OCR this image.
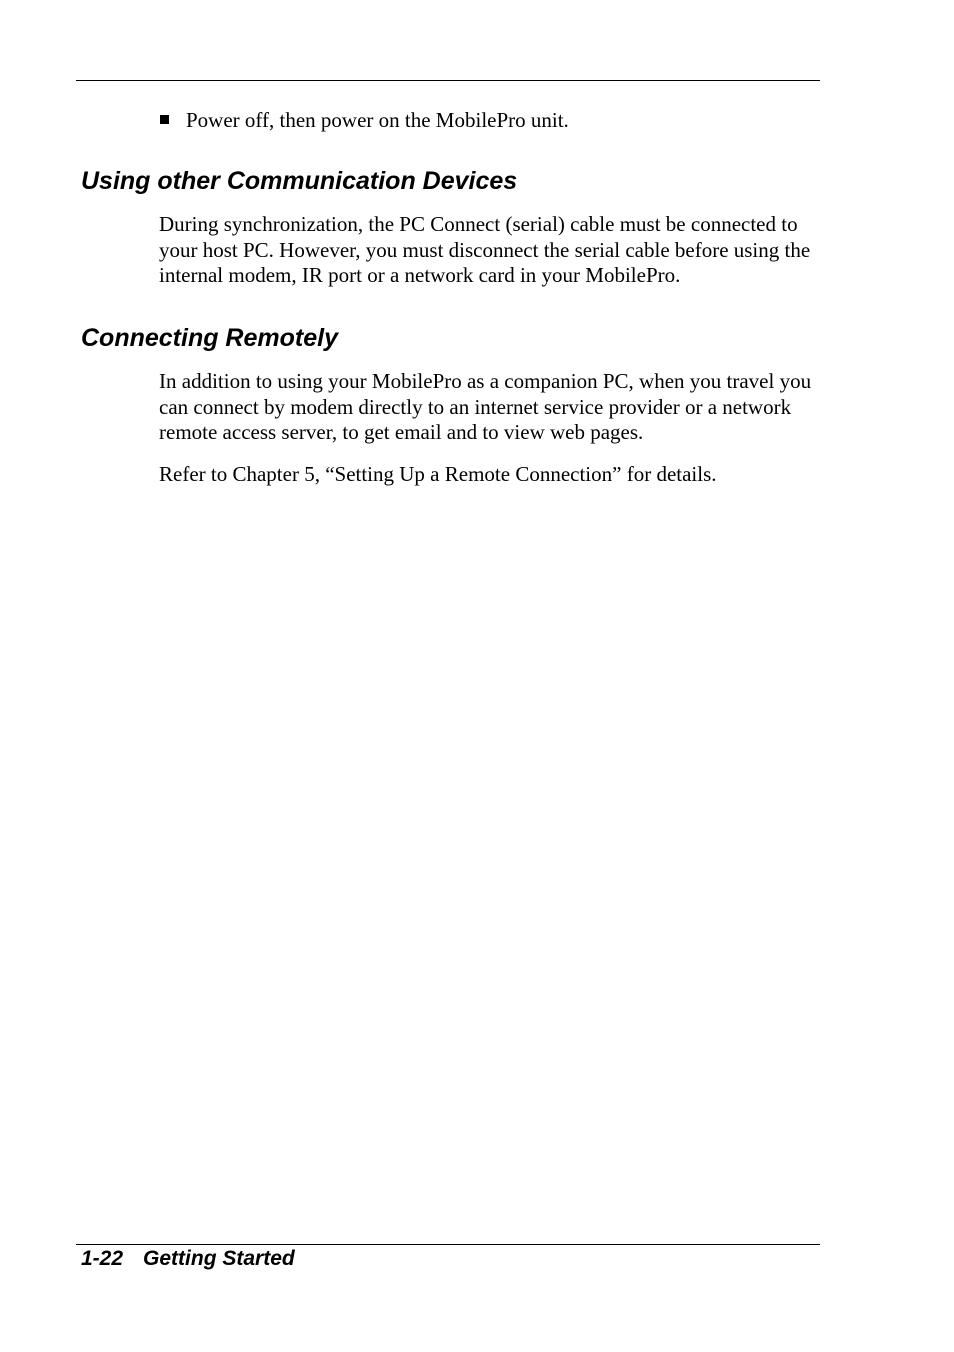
Power off, then power on the MobilePro unit.
Using other Communication Devices

During synchronization, the PC Connect (serial) cable must be connected to your host PC. However, you must disconnect the serial cable before using the internal modem, IR port or a network card in your MobilePro.

Connecting Remotely

In addition to using your MobilePro as a companion PC, when you travel you can connect by modem directly to an internet service provider or a network remote access server, to get email and to view web pages.

Refer to Chapter 5, “Setting Up a Remote Connection” for details.

1-22 Getting Started
